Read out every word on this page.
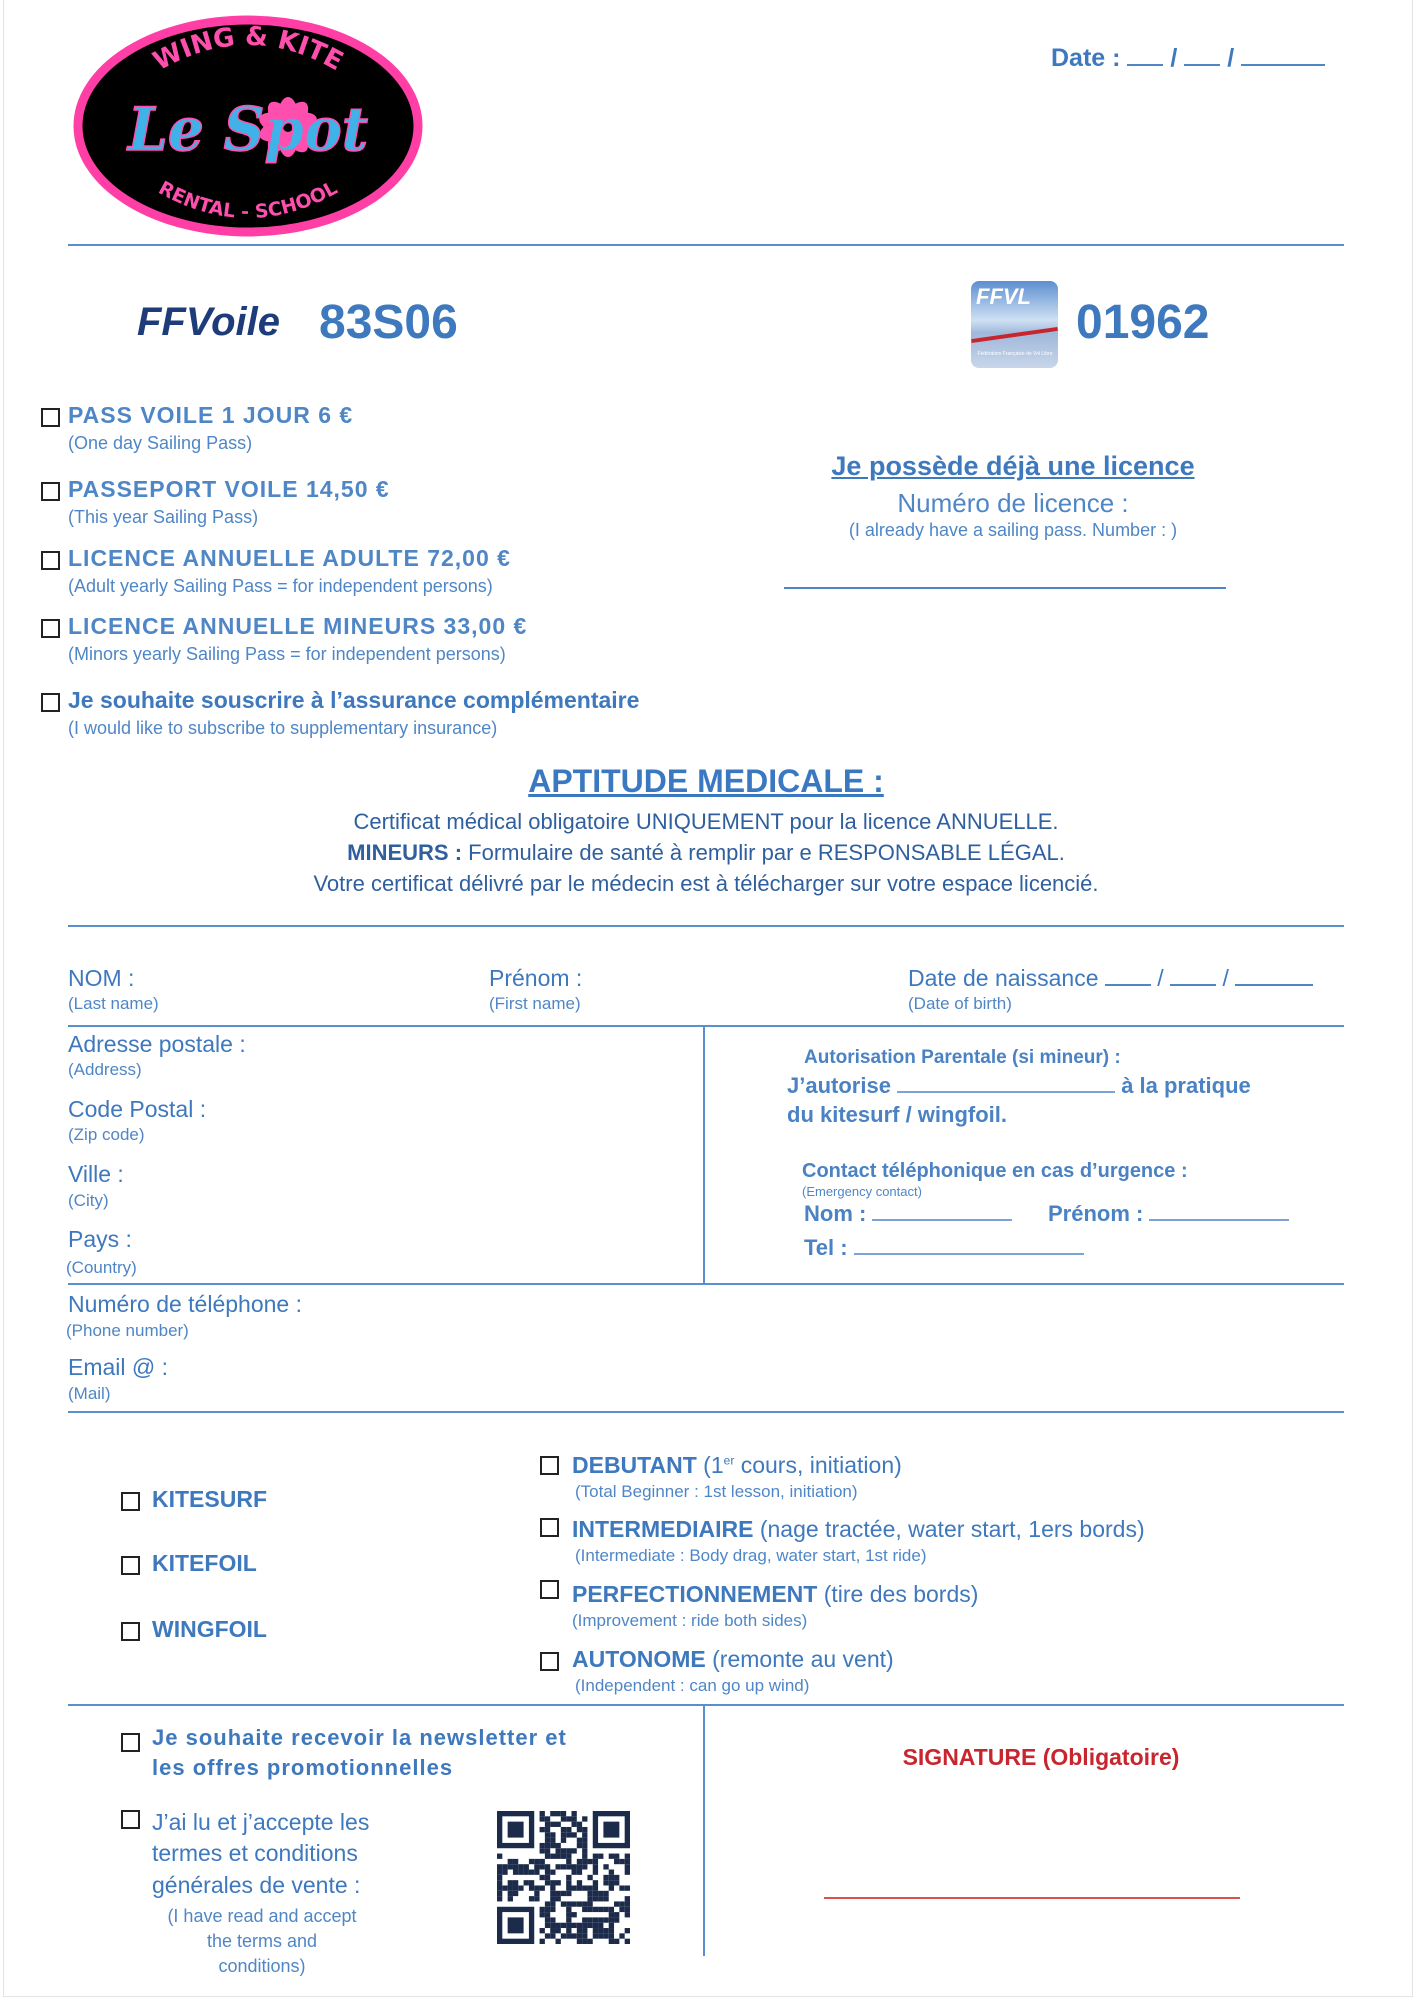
WING & KITE
RENTAL - SCHOOL
Le Spot
Date :  /  /
FFVoile 83S06	FFVL
Fédération Française de Vol Libre
01962
PASS VOILE 1 JOUR 6 €
(One day Sailing Pass)
PASSEPORT VOILE 14,50 €
(This year Sailing Pass)
LICENCE ANNUELLE ADULTE 72,00 €
(Adult yearly Sailing Pass = for independent persons)
LICENCE ANNUELLE MINEURS 33,00 €
(Minors yearly Sailing Pass = for independent persons)
Je souhaite souscrire à l’assurance complémentaire
(I would like to subscribe to supplementary insurance)
Je possède déjà une licence
Numéro de licence :
(I already have a sailing pass. Number : )
APTITUDE MEDICALE :
Certificat médical obligatoire UNIQUEMENT pour la licence ANNUELLE.
MINEURS : Formulaire de santé à remplir par e RESPONSABLE LÉGAL.
Votre certificat délivré par le médecin est à télécharger sur votre espace licencié.
NOM :
(Last name)
Prénom :
(First name)
Date de naissance  /  /
(Date of birth)
Adresse postale :
(Address)
Code Postal :
(Zip code)
Ville :
(City)
Pays :
(Country)
Autorisation Parentale (si mineur) :
J’autorise	à la pratique
du kitesurf / wingfoil.
Contact téléphonique en cas d’urgence :
(Emergency contact)
Nom :	Prénom :
Tel :
Numéro de téléphone :
(Phone number)
Email @ :
(Mail)
KITESURF
KITEFOIL
WINGFOIL
DEBUTANT (1er cours, initiation)
(Total Beginner : 1st lesson, initiation)
INTERMEDIAIRE (nage tractée, water start, 1ers bords)
(Intermediate : Body drag, water start, 1st ride)
PERFECTIONNEMENT (tire des bords)
(Improvement : ride both sides)
AUTONOME (remonte au vent)
(Independent : can go up wind)
Je souhaite recevoir la newsletter et
les offres promotionnelles
J’ai lu et j’accepte les
termes et conditions
générales de vente :
(I have read and accept
the terms and
conditions)
SIGNATURE (Obligatoire)
